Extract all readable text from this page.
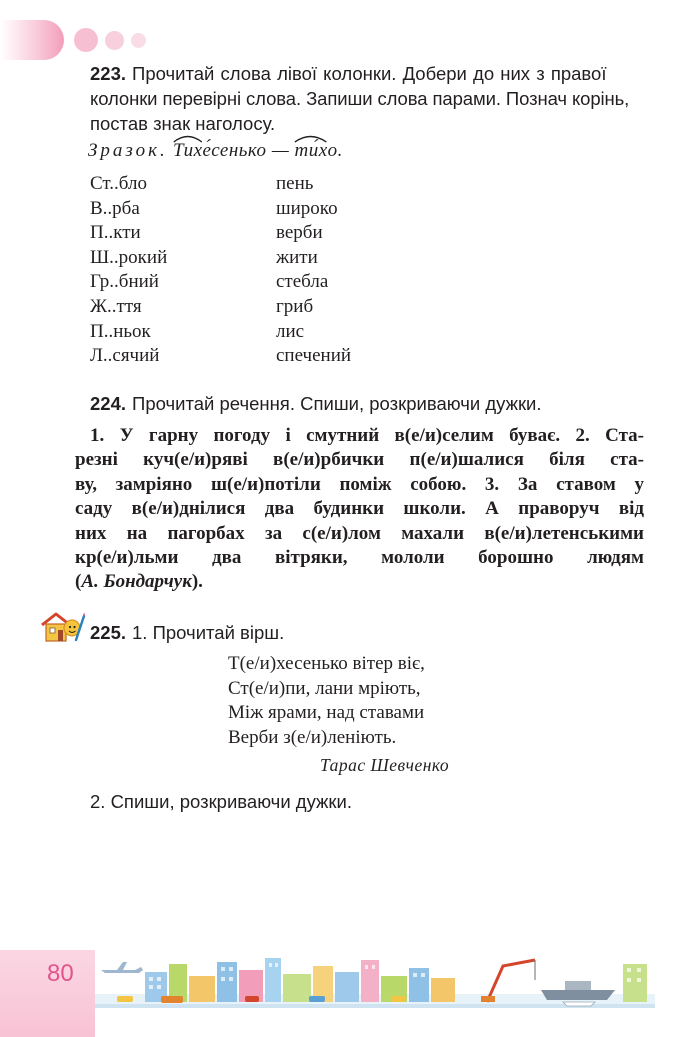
223. Прочитай слова лівої колонки. Добери до них з правої

колонки перевірні слова. Запиши слова парами. Познач корінь,

постав знак наголосу.

Зразок. Тихе́сенько — ти́хо.

Ст..бло
В..рба
П..кти
Ш..рокий
Гр..бний
Ж..ття
П..ньок
Л..сячий
пень
широко
верби
жити
стебла
гриб
лис
спечений

224. Прочитай речення. Спиши, розкриваючи дужки.

1. У гарну погоду і смутний в(е/и)селим буває. 2. Ста-
резні куч(е/и)ряві в(е/и)рбички п(е/и)шалися біля ста-
ву, замріяно ш(е/и)потіли поміж собою. 3. За ставом у
саду в(е/и)днілися два будинки школи. А праворуч від
них на пагорбах за с(е/и)лом махали в(е/и)летенськими
кр(е/и)льми два вітряки, мололи борошно людям
(А. Бондарчук).

225. 1. Прочитай вірш.

Т(е/и)хесенько вітер віє,
Ст(е/и)пи, лани мріють,
Між ярами, над ставами
Верби з(е/и)леніють.

Тарас Шевченко

2. Спиши, розкриваючи дужки.

80
